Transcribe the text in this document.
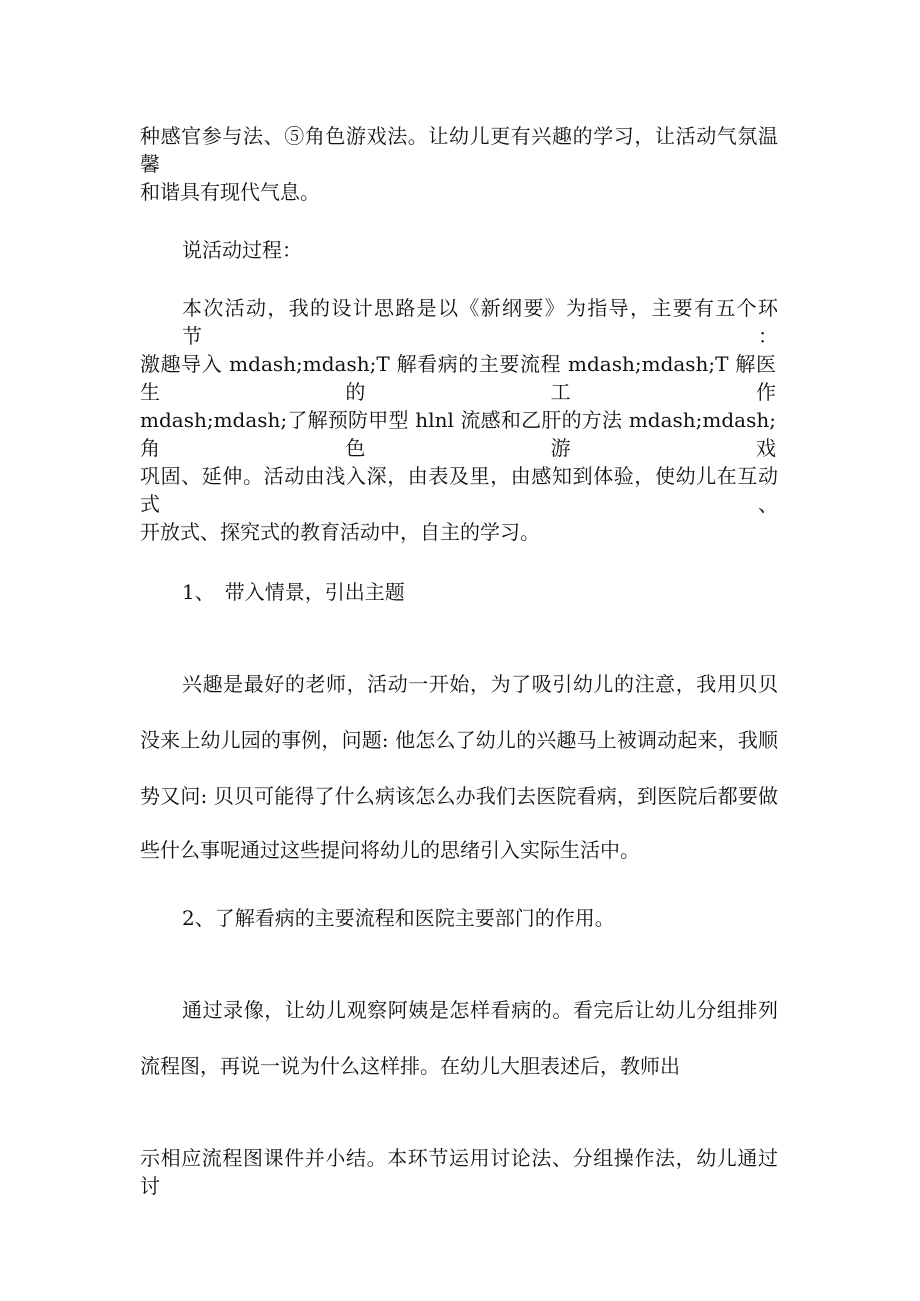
种感官参与法、⑤角色游戏法。让幼儿更有兴趣的学习，让活动气氛温馨
和谐具有现代气息。
说活动过程：
本次活动，我的设计思路是以《新纲要》为指导，主要有五个环节：
激趣导入 mdash;mdash;T 解看病的主要流程 mdash;mdash;T 解医生的工作
mdash;mdash;了解预防甲型 hlnl 流感和乙肝的方法 mdash;mdash;角色游戏
巩固、延伸。活动由浅入深，由表及里，由感知到体验，使幼儿在互动式、
开放式、探究式的教育活动中，自主的学习。
1、　带入情景，引出主题
兴趣是最好的老师，活动一开始，为了吸引幼儿的注意，我用贝贝
没来上幼儿园的事例，问题: 他怎么了幼儿的兴趣马上被调动起来，我顺
势又问: 贝贝可能得了什么病该怎么办我们去医院看病，到医院后都要做
些什么事呢通过这些提问将幼儿的思绪引入实际生活中。
2、了解看病的主要流程和医院主要部门的作用。
通过录像，让幼儿观察阿姨是怎样看病的。看完后让幼儿分组排列
流程图，再说一说为什么这样排。在幼儿大胆表述后，教师出
示相应流程图课件并小结。本环节运用讨论法、分组操作法，幼儿通过讨
